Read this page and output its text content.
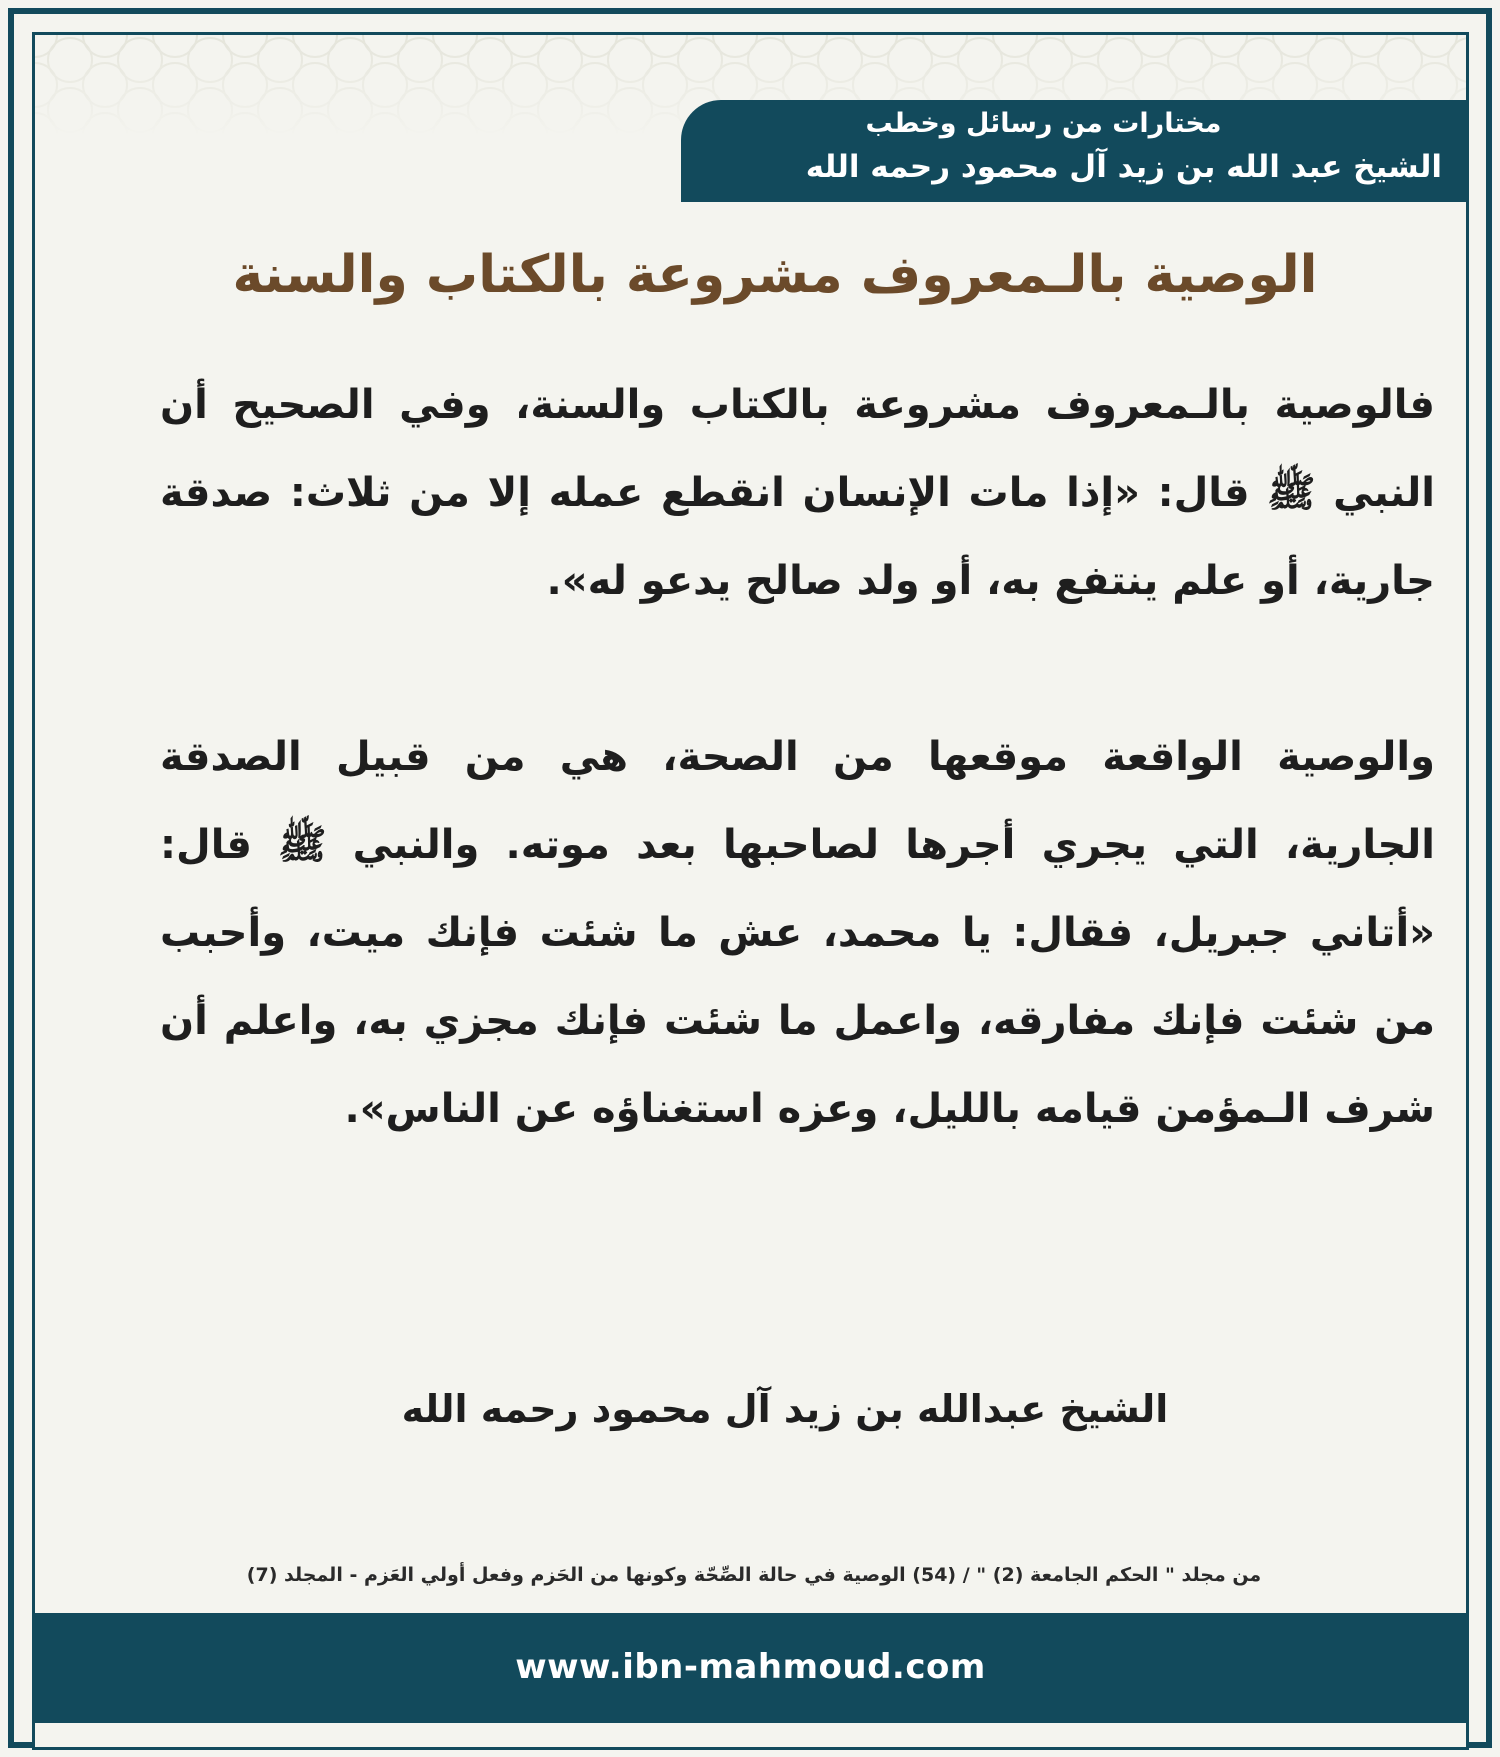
مختارات من رسائل وخطب
الشيخ عبد الله بن زيد آل محمود رحمه الله
الوصية بالـمعروف مشروعة بالكتاب والسنة

فالوصية بالـمعروف مشروعة بالكتاب والسنة، وفي الصحيح أن النبي ﷺ قال: «إذا مات الإنسان انقطع عمله إلا من ثلاث: صدقة جارية، أو علم ينتفع به، أو ولد صالح يدعو له».

والوصية الواقعة موقعها من الصحة، هي من قبيل الصدقة الجارية، التي يجري أجرها لصاحبها بعد موته. والنبي ﷺ قال: «أتاني جبريل، فقال: يا محمد، عش ما شئت فإنك ميت، وأحبب من شئت فإنك مفارقه، واعمل ما شئت فإنك مجزي به، واعلم أن شرف الـمؤمن قيامه بالليل، وعزه استغناؤه عن الناس».

الشيخ عبدالله بن زيد آل محمود رحمه الله
من مجلد " الحكم الجامعة (2) " / (54) الوصية في حالة الصِّحّة وكونها من الحَزم وفعل أولي العَزم - المجلد (7)
www.ibn-mahmoud.com
